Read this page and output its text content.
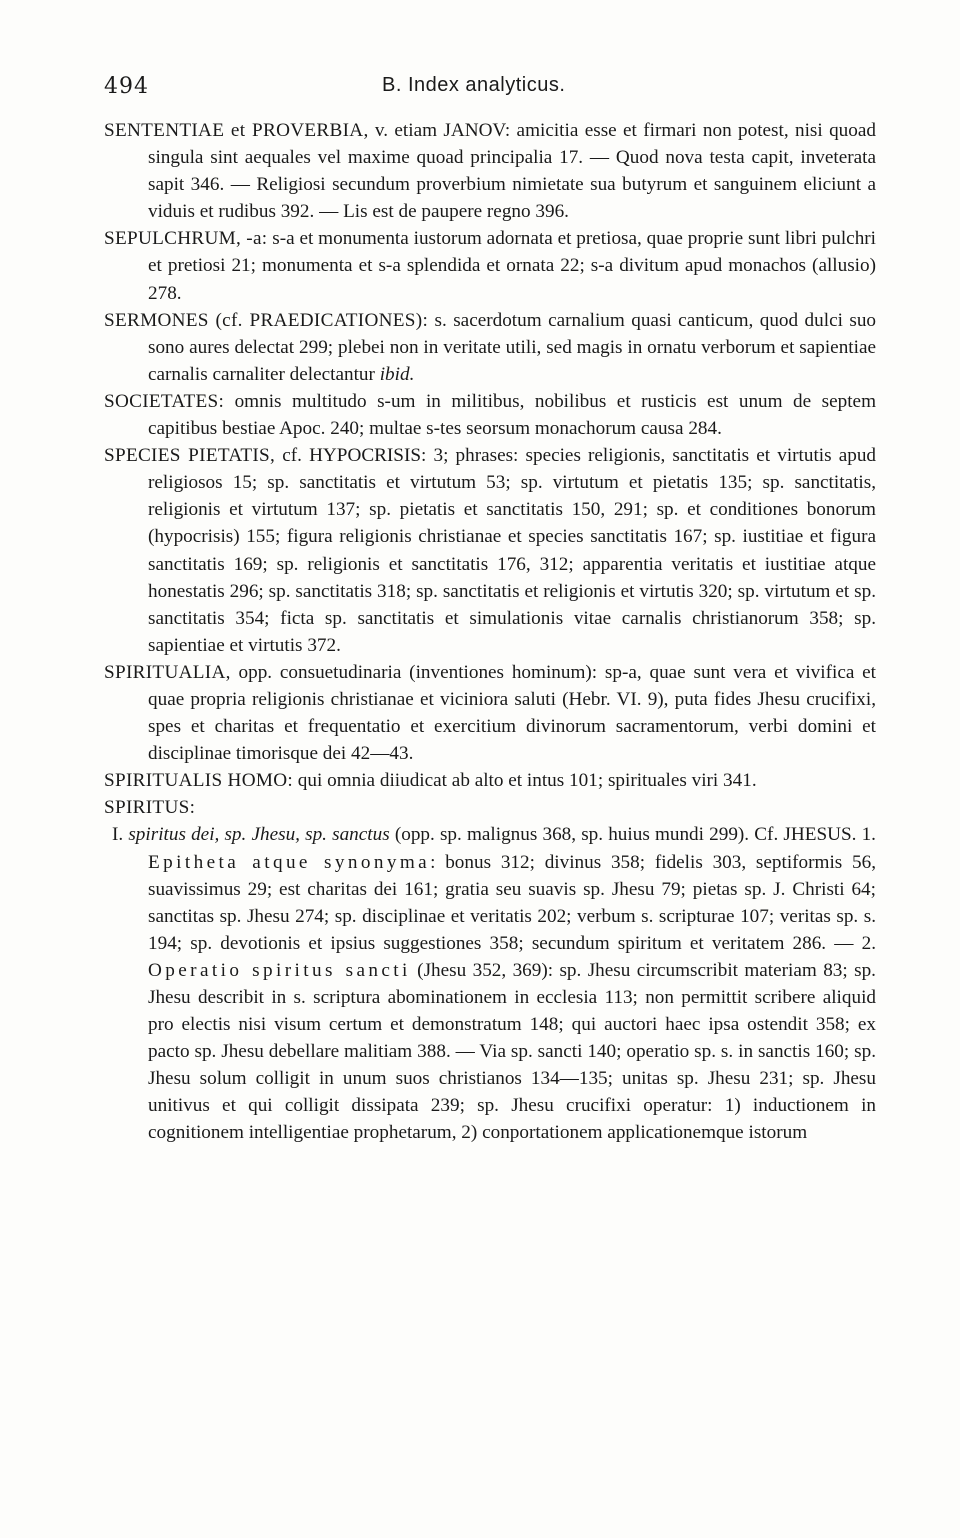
494	B. Index analyticus.

SENTENTIAE et PROVERBIA, v. etiam JANOV: amicitia esse et firmari non potest, nisi quoad singula sint aequales vel maxime quoad principalia 17. — Quod nova testa capit, inveterata sapit 346. — Religiosi secundum proverbium nimietate sua butyrum et sanguinem eliciunt a viduis et rudibus 392. — Lis est de paupere regno 396.

SEPULCHRUM, -a: s-a et monumenta iustorum adornata et pretiosa, quae proprie sunt libri pulchri et pretiosi 21; monumenta et s-a splendida et ornata 22; s-a divitum apud monachos (allusio) 278.

SERMONES (cf. PRAEDICATIONES): s. sacerdotum carnalium quasi canticum, quod dulci suo sono aures delectat 299; plebei non in veritate utili, sed magis in ornatu verborum et sapientiae carnalis carnaliter delectantur ibid.

SOCIETATES: omnis multitudo s-um in militibus, nobilibus et rusticis est unum de septem capitibus bestiae Apoc. 240; multae s-tes seorsum monachorum causa 284.

SPECIES PIETATIS, cf. HYPOCRISIS: 3; phrases: species religionis, sanctitatis et virtutis apud religiosos 15; sp. sanctitatis et virtutum 53; sp. virtutum et pietatis 135; sp. sanctitatis, religionis et virtutum 137; sp. pietatis et sanctitatis 150, 291; sp. et conditiones bonorum (hypocrisis) 155; figura religionis christianae et species sanctitatis 167; sp. iustitiae et figura sanctitatis 169; sp. religionis et sanctitatis 176, 312; apparentia veritatis et iustitiae atque honestatis 296; sp. sanctitatis 318; sp. sanctitatis et religionis et virtutis 320; sp. virtutum et sp. sanctitatis 354; ficta sp. sanctitatis et simulationis vitae carnalis christianorum 358; sp. sapientiae et virtutis 372.

SPIRITUALIA, opp. consuetudinaria (inventiones hominum): sp-a, quae sunt vera et vivifica et quae propria religionis christianae et viciniora saluti (Hebr. VI. 9), puta fides Jhesu crucifixi, spes et charitas et frequentatio et exercitium divinorum sacramentorum, verbi domini et disciplinae timorisque dei 42—43.

SPIRITUALIS HOMO: qui omnia diiudicat ab alto et intus 101; spirituales viri 341.

SPIRITUS:

I. spiritus dei, sp. Jhesu, sp. sanctus (opp. sp. malignus 368, sp. huius mundi 299). Cf. JHESUS. 1. Epitheta atque synonyma: bonus 312; divinus 358; fidelis 303, septiformis 56, suavissimus 29; est charitas dei 161; gratia seu suavis sp. Jhesu 79; pietas sp. J. Christi 64; sanctitas sp. Jhesu 274; sp. disciplinae et veritatis 202; verbum s. scripturae 107; veritas sp. s. 194; sp. devotionis et ipsius suggestiones 358; secundum spiritum et veritatem 286. — 2. Operatio spiritus sancti (Jhesu 352, 369): sp. Jhesu circumscribit materiam 83; sp. Jhesu describit in s. scriptura abominationem in ecclesia 113; non permittit scribere aliquid pro electis nisi visum certum et demonstratum 148; qui auctori haec ipsa ostendit 358; ex pacto sp. Jhesu debellare malitiam 388. — Via sp. sancti 140; operatio sp. s. in sanctis 160; sp. Jhesu solum colligit in unum suos christianos 134—135; unitas sp. Jhesu 231; sp. Jhesu unitivus et qui colligit dissipata 239; sp. Jhesu crucifixi operatur: 1) inductionem in cognitionem intelligentiae prophetarum, 2) conportationem applicationemque istorum
